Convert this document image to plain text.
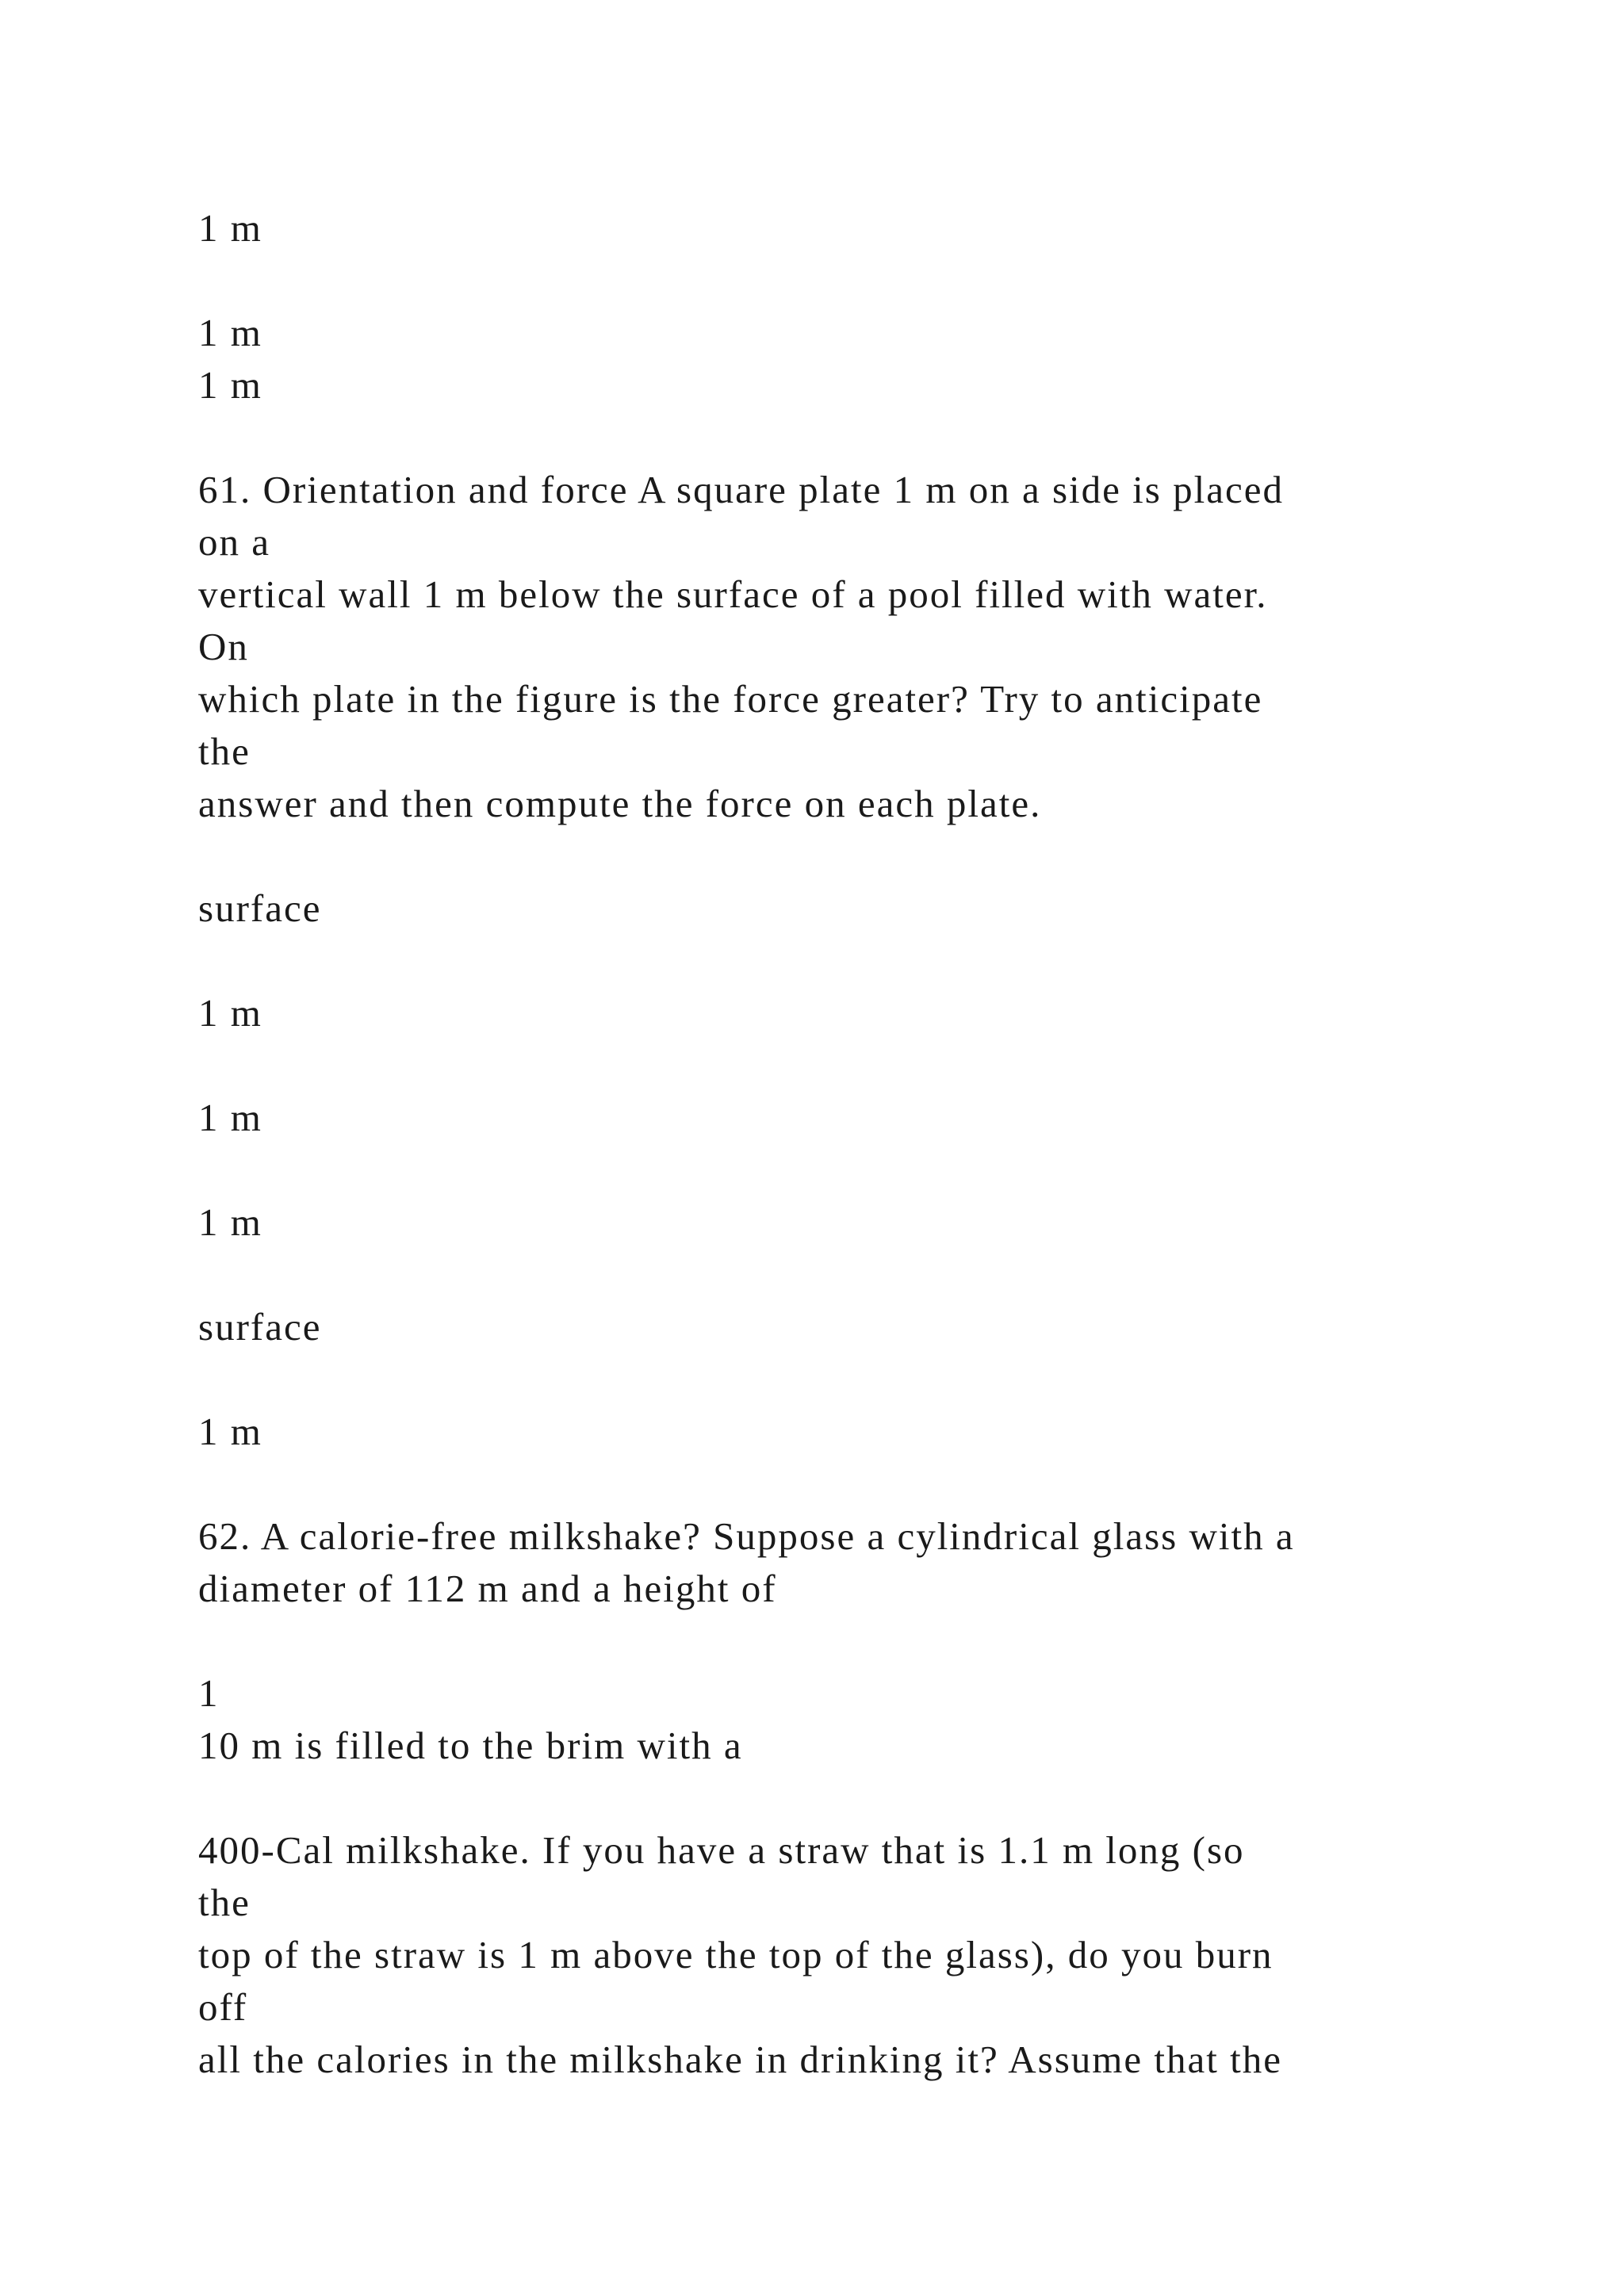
1 m
1 m
1 m
61. Orientation and force A square plate 1 m on a side is placed
on a
vertical wall 1 m below the surface of a pool filled with water.
On
which plate in the figure is the force greater? Try to anticipate
the
answer and then compute the force on each plate.
surface
1 m
1 m
1 m
surface
1 m
62. A calorie-free milkshake? Suppose a cylindrical glass with a
diameter of 112 m and a height of
1
10 m is filled to the brim with a
400-Cal milkshake. If you have a straw that is 1.1 m long (so
the
top of the straw is 1 m above the top of the glass), do you burn
off
all the calories in the milkshake in drinking it? Assume that the
